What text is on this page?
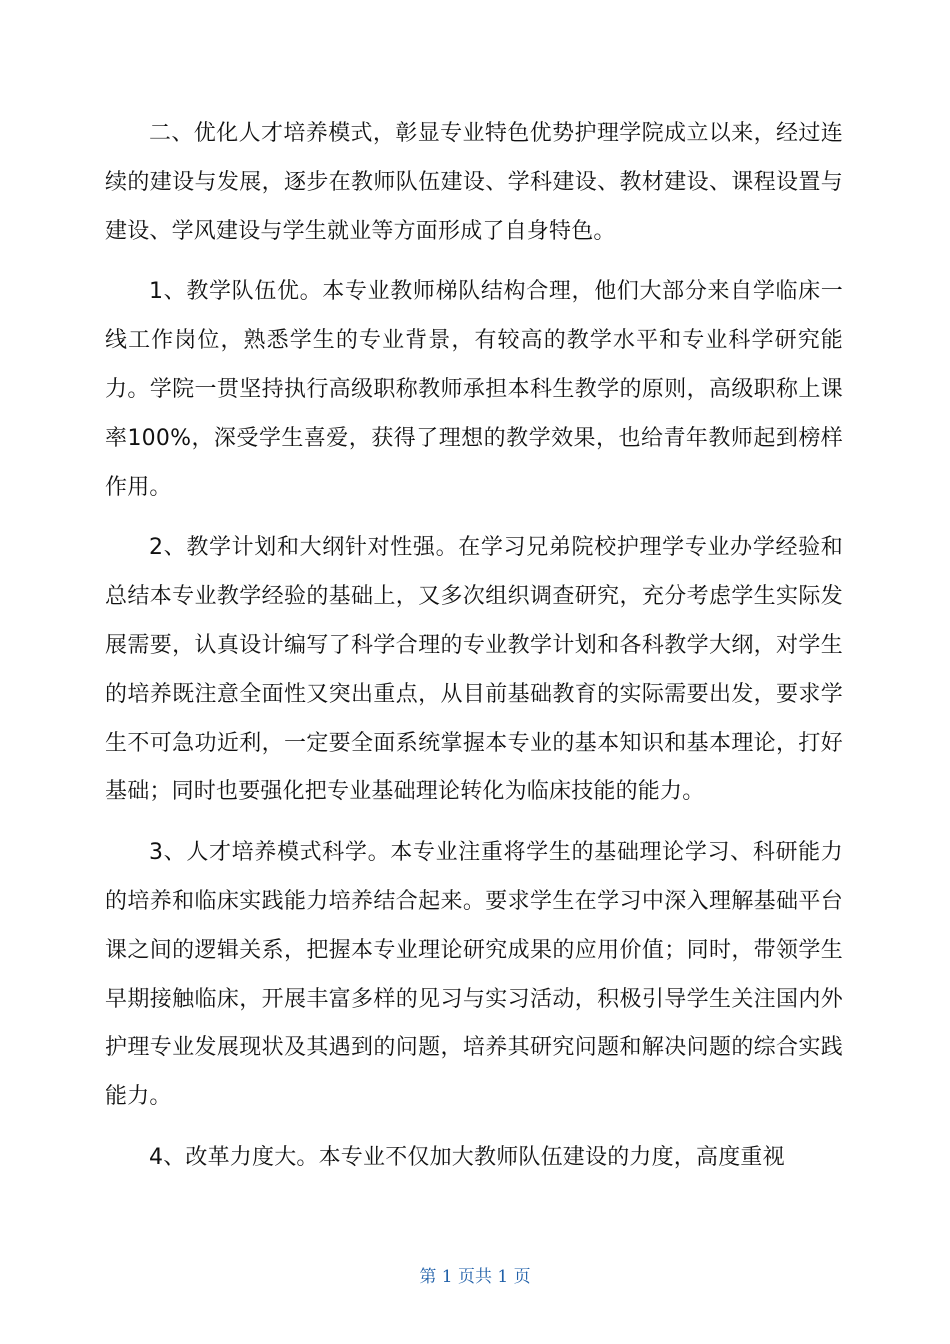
二、优化人才培养模式，彰显专业特色优势护理学院成立以来，经过连续的建设与发展，逐步在教师队伍建设、学科建设、教材建设、课程设置与建设、学风建设与学生就业等方面形成了自身特色。

1、教学队伍优。本专业教师梯队结构合理，他们大部分来自学临床一线工作岗位，熟悉学生的专业背景，有较高的教学水平和专业科学研究能力。学院一贯坚持执行高级职称教师承担本科生教学的原则，高级职称上课率100%，深受学生喜爱，获得了理想的教学效果，也给青年教师起到榜样作用。

2、教学计划和大纲针对性强。在学习兄弟院校护理学专业办学经验和总结本专业教学经验的基础上，又多次组织调查研究，充分考虑学生实际发展需要，认真设计编写了科学合理的专业教学计划和各科教学大纲，对学生的培养既注意全面性又突出重点，从目前基础教育的实际需要出发，要求学生不可急功近利，一定要全面系统掌握本专业的基本知识和基本理论，打好基础；同时也要强化把专业基础理论转化为临床技能的能力。

3、人才培养模式科学。本专业注重将学生的基础理论学习、科研能力的培养和临床实践能力培养结合起来。要求学生在学习中深入理解基础平台课之间的逻辑关系，把握本专业理论研究成果的应用价值；同时，带领学生早期接触临床，开展丰富多样的见习与实习活动，积极引导学生关注国内外护理专业发展现状及其遇到的问题，培养其研究问题和解决问题的综合实践能力。

4、改革力度大。本专业不仅加大教师队伍建设的力度，高度重视

第 1 页共 1 页
